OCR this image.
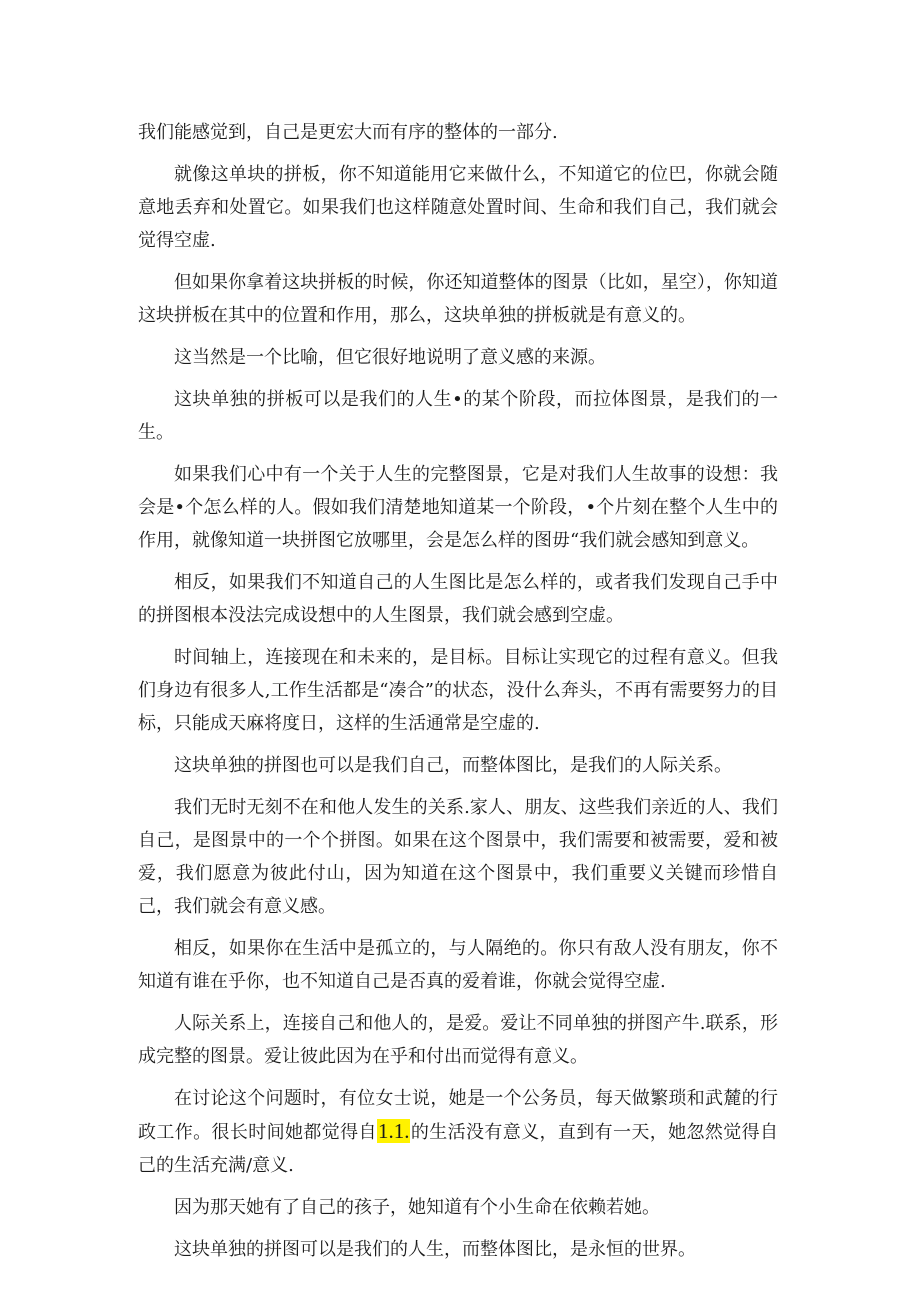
我们能感觉到，自己是更宏大而有序的整体的一部分.

就像这单块的拼板，你不知道能用它来做什么，不知道它的位巴，你就会随意地丢弃和处置它。如果我们也这样随意处置时间、生命和我们自己，我们就会觉得空虚.

但如果你拿着这块拼板的时候，你还知道整体的图景（比如，星空），你知道这块拼板在其中的位置和作用，那么，这块单独的拼板就是有意义的。

这当然是一个比喻，但它很好地说明了意义感的来源。

这块单独的拼板可以是我们的人生•的某个阶段，而拉体图景，是我们的一生。

如果我们心中有一个关于人生的完整图景，它是对我们人生故事的设想：我会是•个怎么样的人。假如我们清楚地知道某一个阶段，•个片刻在整个人生中的作用，就像知道一块拼图它放哪里，会是怎么样的图毋“我们就会感知到意义。

相反，如果我们不知道自己的人生图比是怎么样的，或者我们发现自己手中的拼图根本没法完成设想中的人生图景，我们就会感到空虚。

时间轴上，连接现在和未来的，是目标。目标让实现它的过程有意义。但我们身边有很多人,工作生活都是“凑合”的状态，没什么奔头，不再有需要努力的目标，只能成天麻将度日，这样的生活通常是空虚的.

这块单独的拼图也可以是我们自己，而整体图比，是我们的人际关系。

我们无时无刻不在和他人发生的关系.家人、朋友、这些我们亲近的人、我们自己，是图景中的一个个拼图。如果在这个图景中，我们需要和被需要，爱和被爱，我们愿意为彼此付山，因为知道在这个图景中，我们重要义关键而珍惜自己，我们就会有意义感。

相反，如果你在生活中是孤立的，与人隔绝的。你只有敌人没有朋友，你不知道有谁在乎你，也不知道自己是否真的爱着谁，你就会觉得空虚.

人际关系上，连接自己和他人的，是爱。爱让不同单独的拼图产牛.联系，形成完整的图景。爱让彼此因为在乎和付出而觉得有意义。

在讨论这个问题时，有位女士说，她是一个公务员，每天做繁琐和武麓的行政工作。很长时间她都觉得自1.1.的生活没有意义，直到有一天，她忽然觉得自己的生活充满/意义.

因为那天她有了自己的孩子，她知道有个小生命在依赖若她。

这块单独的拼图可以是我们的人生，而整体图比，是永恒的世界。
